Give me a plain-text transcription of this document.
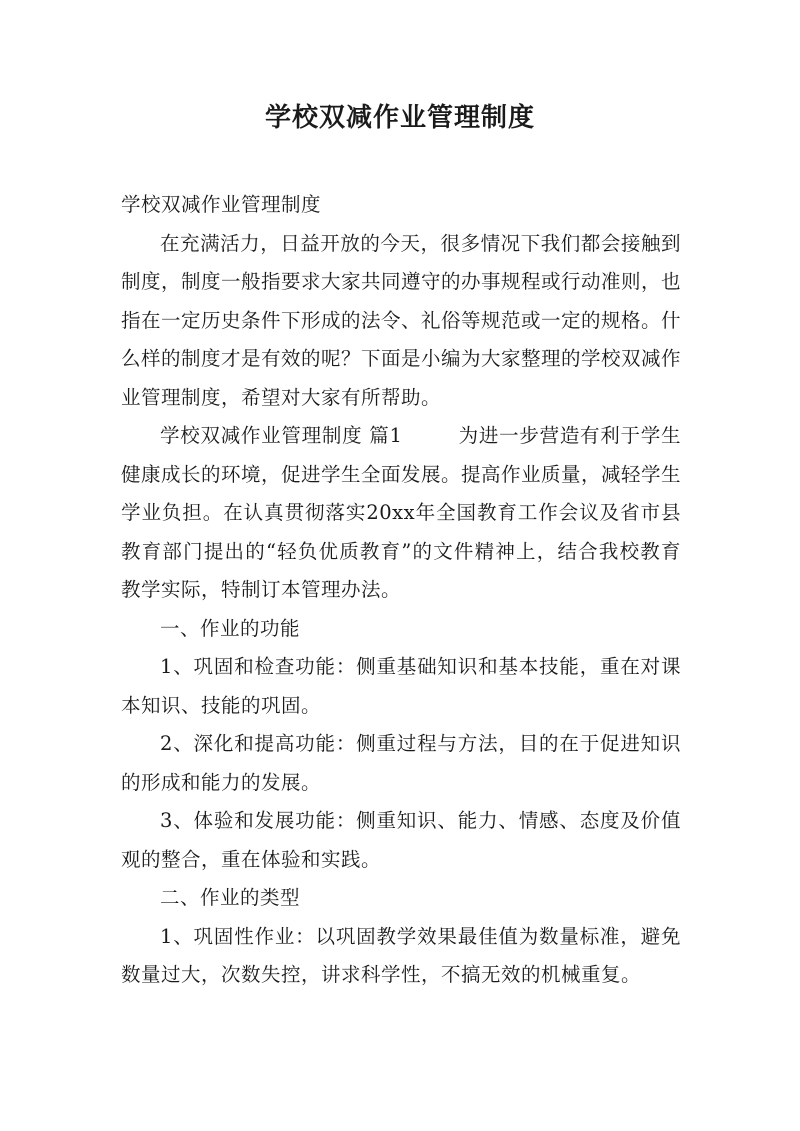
学校双减作业管理制度

学校双减作业管理制度

在充满活力，日益开放的今天，很多情况下我们都会接触到制度，制度一般指要求大家共同遵守的办事规程或行动准则，也指在一定历史条件下形成的法令、礼俗等规范或一定的规格。什么样的制度才是有效的呢？下面是小编为大家整理的学校双减作业管理制度，希望对大家有所帮助。

学校双减作业管理制度 篇1	为进一步营造有利于学生健康成长的环境，促进学生全面发展。提高作业质量，减轻学生学业负担。在认真贯彻落实20xx年全国教育工作会议及省市县教育部门提出的“轻负优质教育”的文件精神上，结合我校教育教学实际，特制订本管理办法。

一、作业的功能

1、巩固和检查功能：侧重基础知识和基本技能，重在对课本知识、技能的巩固。

2、深化和提高功能：侧重过程与方法，目的在于促进知识的形成和能力的发展。

3、体验和发展功能：侧重知识、能力、情感、态度及价值观的整合，重在体验和实践。

二、作业的类型

1、巩固性作业：以巩固教学效果最佳值为数量标准，避免数量过大，次数失控，讲求科学性，不搞无效的机械重复。
